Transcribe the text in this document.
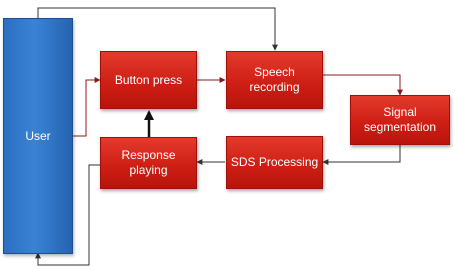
User
Button press
Speech
recording
Signal
segmentation
SDS Processing
Response
playing
